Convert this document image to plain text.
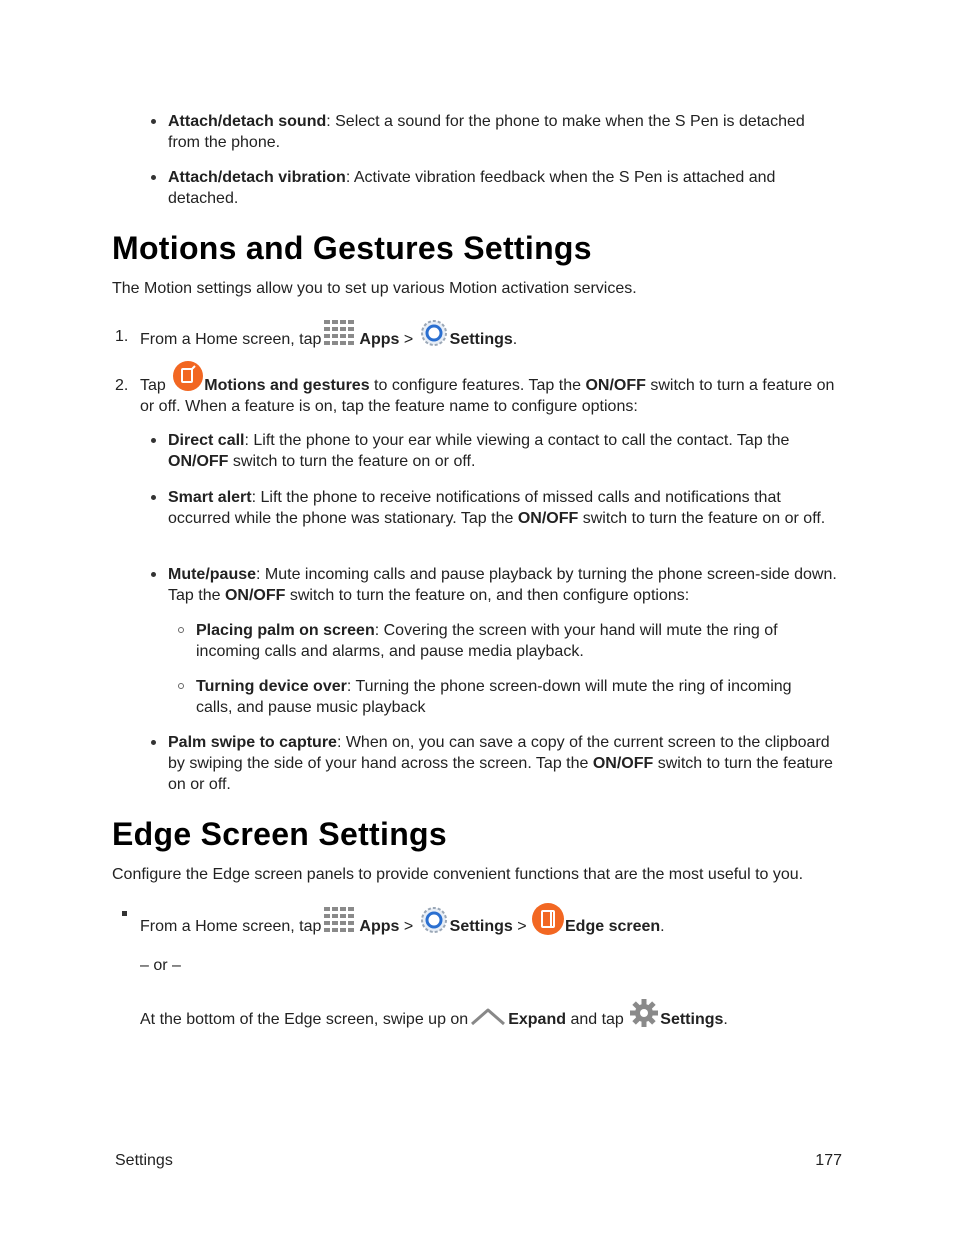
Attach/detach sound: Select a sound for the phone to make when the S Pen is detached from the phone.
Attach/detach vibration: Activate vibration feedback when the S Pen is attached and detached.
Motions and Gestures Settings
The Motion settings allow you to set up various Motion activation services.
1. From a Home screen, tap Apps > Settings.
2. Tap Motions and gestures to configure features. Tap the ON/OFF switch to turn a feature on or off. When a feature is on, tap the feature name to configure options:
Direct call: Lift the phone to your ear while viewing a contact to call the contact. Tap the ON/OFF switch to turn the feature on or off.
Smart alert: Lift the phone to receive notifications of missed calls and notifications that occurred while the phone was stationary. Tap the ON/OFF switch to turn the feature on or off.
Mute/pause: Mute incoming calls and pause playback by turning the phone screen-side down. Tap the ON/OFF switch to turn the feature on, and then configure options:
Placing palm on screen: Covering the screen with your hand will mute the ring of incoming calls and alarms, and pause media playback.
Turning device over: Turning the phone screen-down will mute the ring of incoming calls, and pause music playback
Palm swipe to capture: When on, you can save a copy of the current screen to the clipboard by swiping the side of your hand across the screen. Tap the ON/OFF switch to turn the feature on or off.
Edge Screen Settings
Configure the Edge screen panels to provide convenient functions that are the most useful to you.
From a Home screen, tap Apps > Settings > Edge screen.
– or –
At the bottom of the Edge screen, swipe up on	Expand and tap Settings.
Settings	177
